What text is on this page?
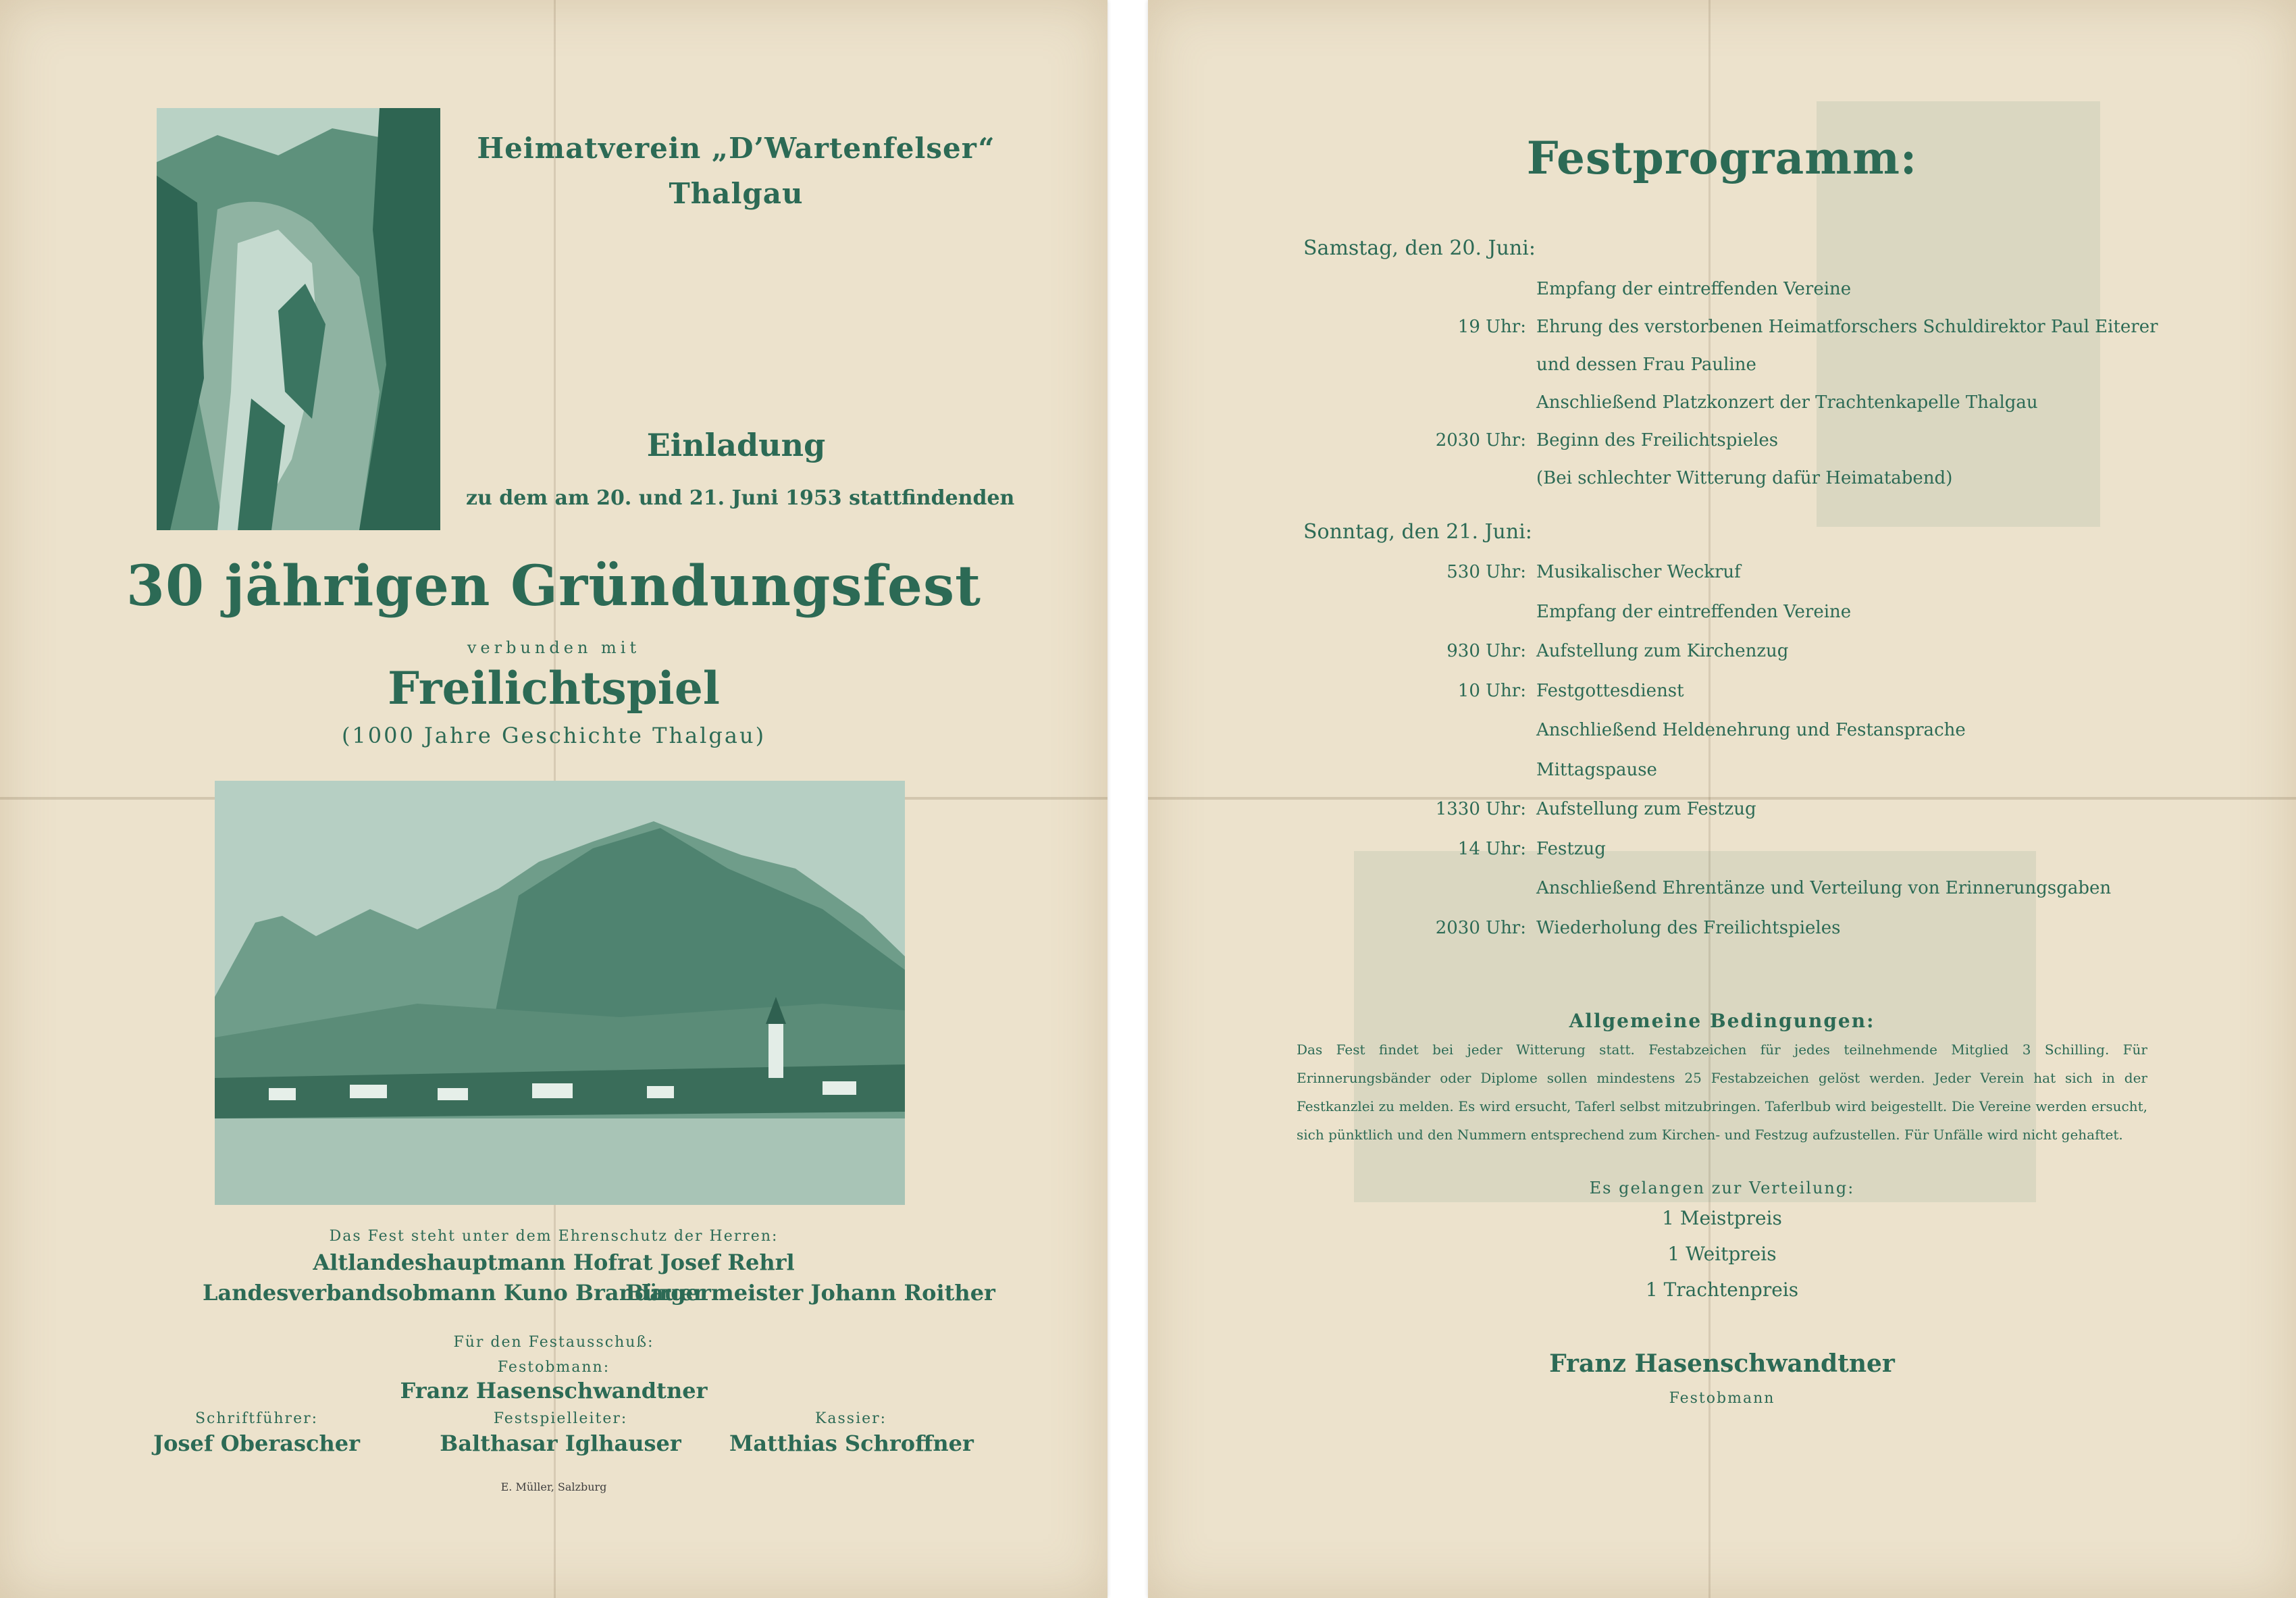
Heimatverein „D’Wartenfelser“
Thalgau
Einladung
zu dem am 20. und 21. Juni 1953 stattfindenden
30 jährigen Gründungsfest
verbunden mit
Freilichtspiel
(1000 Jahre Geschichte Thalgau)
Das Fest steht unter dem Ehrenschutz der Herren:
Altlandeshauptmann Hofrat Josef Rehrl
Landesverbandsobmann Kuno Brandauer
Bürgermeister Johann Roither
Für den Festausschuß:
Festobmann:
Franz Hasenschwandtner
Schriftführer:
Josef Oberascher
Festspielleiter:
Balthasar Iglhauser
Kassier:
Matthias Schroffner
E. Müller, Salzburg
Festprogramm:
Samstag, den 20. Juni:
Empfang der eintreffenden Vereine
19 Uhr: Ehrung des verstorbenen Heimatforschers Schuldirektor Paul Eiterer
und dessen Frau Pauline
Anschließend Platzkonzert der Trachtenkapelle Thalgau
2030 Uhr: Beginn des Freilichtspieles
(Bei schlechter Witterung dafür Heimatabend)
Sonntag, den 21. Juni:
530 Uhr: Musikalischer Weckruf
Empfang der eintreffenden Vereine
930 Uhr: Aufstellung zum Kirchenzug
10 Uhr: Festgottesdienst
Anschließend Heldenehrung und Festansprache
Mittagspause
1330 Uhr: Aufstellung zum Festzug
14 Uhr: Festzug
Anschließend Ehrentänze und Verteilung von Erinnerungsgaben
2030 Uhr: Wiederholung des Freilichtspieles
Allgemeine Bedingungen:
Das Fest findet bei jeder Witterung statt. Festabzeichen für jedes teilnehmende Mitglied 3 Schilling. Für Erinnerungsbänder oder Diplome sollen mindestens 25 Festabzeichen gelöst werden. Jeder Verein hat sich in der Festkanzlei zu melden. Es wird ersucht, Taferl selbst mitzubringen. Taferlbub wird beigestellt. Die Vereine werden ersucht, sich pünktlich und den Nummern entsprechend zum Kirchen- und Festzug aufzustellen. Für Unfälle wird nicht gehaftet.
Es gelangen zur Verteilung:
1 Meistpreis
1 Weitpreis
1 Trachtenpreis
Franz Hasenschwandtner
Festobmann
